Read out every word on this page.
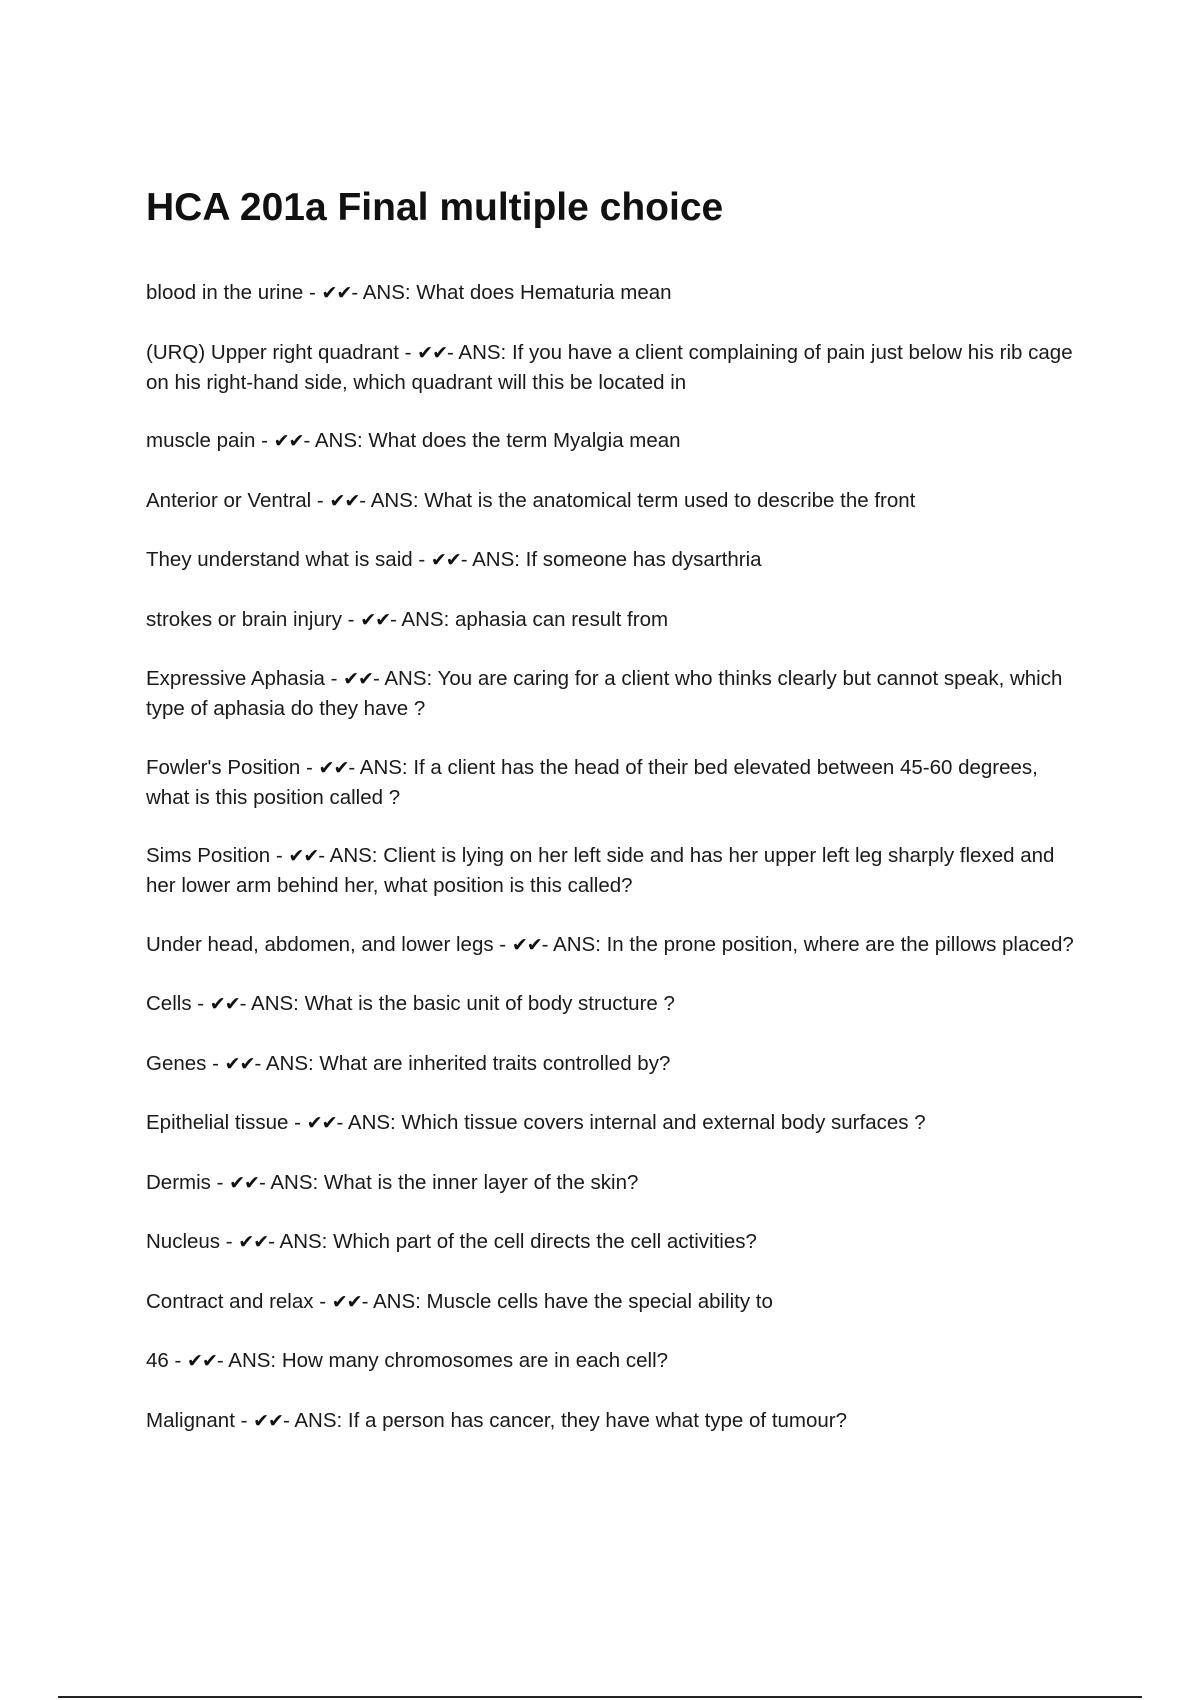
HCA 201a Final multiple choice
blood in the urine - ✔✔- ANS: What does Hematuria mean
(URQ) Upper right quadrant - ✔✔- ANS: If you have a client complaining of pain just below his rib cage on his right-hand side, which quadrant will this be located in
muscle pain - ✔✔- ANS: What does the term Myalgia mean
Anterior or Ventral - ✔✔- ANS: What is the anatomical term used to describe the front
They understand what is said - ✔✔- ANS: If someone has dysarthria
strokes or brain injury - ✔✔- ANS: aphasia can result from
Expressive Aphasia - ✔✔- ANS: You are caring for a client who thinks clearly but cannot speak, which type of aphasia do they have ?
Fowler's Position - ✔✔- ANS: If a client has the head of their bed elevated between 45-60 degrees, what is this position called ?
Sims Position - ✔✔- ANS: Client is lying on her left side and has her upper left leg sharply flexed and her lower arm behind her, what position is this called?
Under head, abdomen, and lower legs - ✔✔- ANS: In the prone position, where are the pillows placed?
Cells - ✔✔- ANS: What is the basic unit of body structure ?
Genes - ✔✔- ANS: What are inherited traits controlled by?
Epithelial tissue - ✔✔- ANS: Which tissue covers internal and external body surfaces ?
Dermis - ✔✔- ANS: What is the inner layer of the skin?
Nucleus - ✔✔- ANS: Which part of the cell directs the cell activities?
Contract and relax - ✔✔- ANS: Muscle cells have the special ability to
46 - ✔✔- ANS: How many chromosomes are in each cell?
Malignant - ✔✔- ANS: If a person has cancer, they have what type of tumour?
